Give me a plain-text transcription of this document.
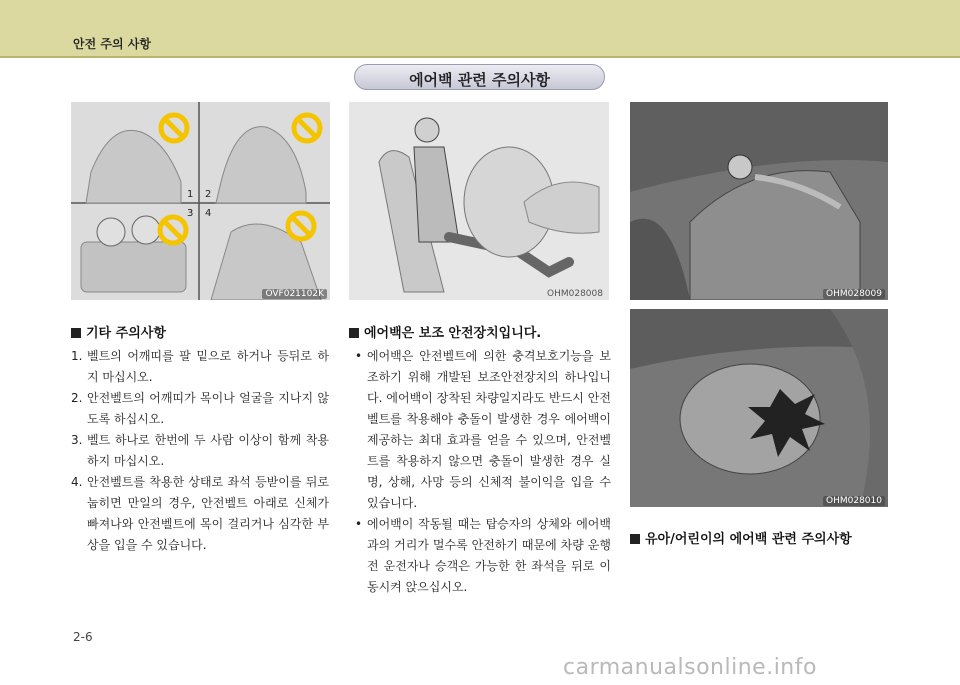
안전 주의 사항
에어백 관련 주의사항
1 2
3 4
OVF021102K	OHM028008	OHM028009
OHM028010
기타 주의사항
1. 벨트의 어깨띠를 팔 밑으로 하거나 등뒤로 하지 마십시오.
2. 안전벨트의 어깨띠가 목이나 얼굴을 지나지 않도록 하십시오.
3. 벨트 하나로 한번에 두 사람 이상이 함께 착용하지 마십시오.
4. 안전벨트를 착용한 상태로 좌석 등받이를 뒤로 눕히면 만일의 경우, 안전벨트 아래로 신체가 빠져나와 안전벨트에 목이 걸리거나 심각한 부상을 입을 수 있습니다.
에어백은 보조 안전장치입니다.
• 에어백은 안전벨트에 의한 충격보호기능을 보조하기 위해 개발된 보조안전장치의 하나입니다. 에어백이 장착된 차량일지라도 반드시 안전벨트를 착용해야 충돌이 발생한 경우 에어백이 제공하는 최대 효과를 얻을 수 있으며, 안전벨트를 착용하지 않으면 충돌이 발생한 경우 실명, 상해, 사망 등의 신체적 불이익을 입을 수 있습니다.
• 에어백이 작동될 때는 탑승자의 상체와 에어백과의 거리가 멀수록 안전하기 때문에 차량 운행 전 운전자나 승객은 가능한 한 좌석을 뒤로 이동시켜 앉으십시오.
유아/어린이의 에어백 관련 주의사항
2-6
carmanualsonline.info
